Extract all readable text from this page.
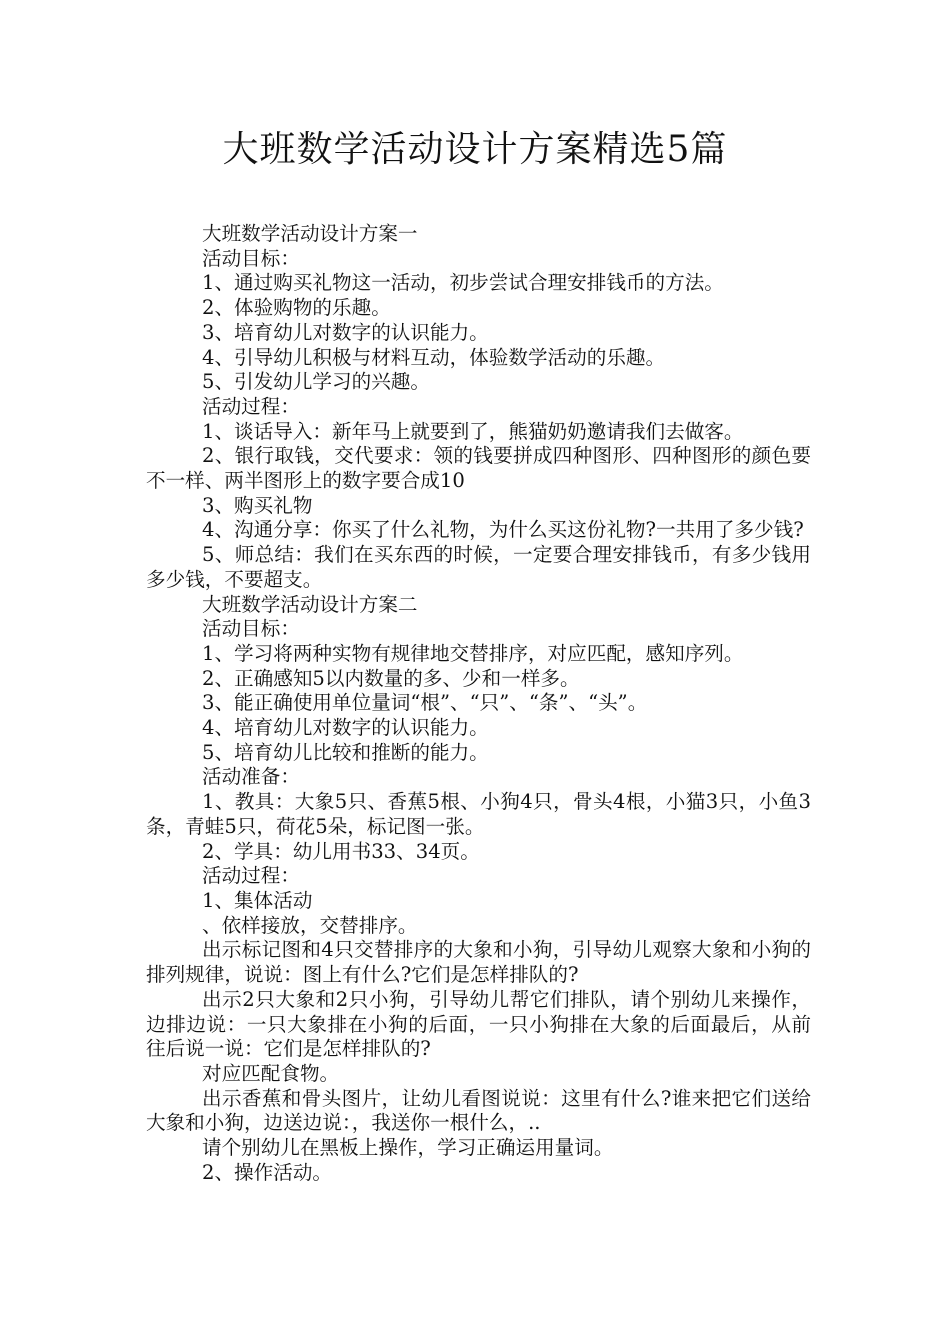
大班数学活动设计方案精选5篇

大班数学活动设计方案一

活动目标：

1、通过购买礼物这一活动，初步尝试合理安排钱币的方法。

2、体验购物的乐趣。

3、培育幼儿对数字的认识能力。

4、引导幼儿积极与材料互动，体验数学活动的乐趣。

5、引发幼儿学习的兴趣。

活动过程：

1、谈话导入：新年马上就要到了，熊猫奶奶邀请我们去做客。

2、银行取钱，交代要求：领的钱要拼成四种图形、四种图形的颜色要不一样、两半图形上的数字要合成10

3、购买礼物

4、沟通分享：你买了什么礼物，为什么买这份礼物?一共用了多少钱?

5、师总结：我们在买东西的时候，一定要合理安排钱币，有多少钱用多少钱，不要超支。

大班数学活动设计方案二

活动目标：

1、学习将两种实物有规律地交替排序，对应匹配，感知序列。

2、正确感知5以内数量的多、少和一样多。

3、能正确使用单位量词“根”、“只”、“条”、“头”。

4、培育幼儿对数字的认识能力。

5、培育幼儿比较和推断的能力。

活动准备：

1、教具：大象5只、香蕉5根、小狗4只，骨头4根，小猫3只，小鱼3条，青蛙5只，荷花5朵，标记图一张。

2、学具：幼儿用书33、34页。

活动过程：

1、集体活动

、依样接放，交替排序。

出示标记图和4只交替排序的大象和小狗，引导幼儿观察大象和小狗的排列规律，说说：图上有什么?它们是怎样排队的?

出示2只大象和2只小狗，引导幼儿帮它们排队，请个别幼儿来操作，边排边说：一只大象排在小狗的后面，一只小狗排在大象的后面最后，从前往后说一说：它们是怎样排队的?

对应匹配食物。

出示香蕉和骨头图片，让幼儿看图说说：这里有什么?谁来把它们送给大象和小狗，边送边说：，我送你一根什么，..

请个别幼儿在黑板上操作，学习正确运用量词。

2、操作活动。
